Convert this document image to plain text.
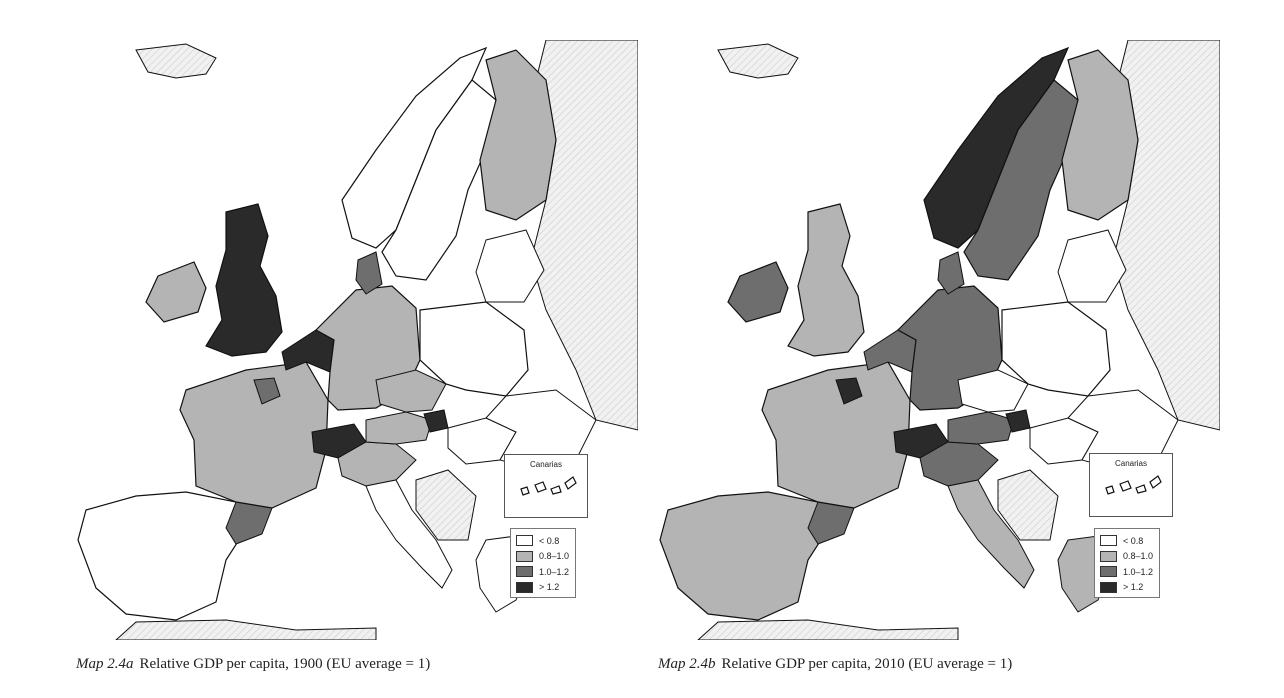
Canarias
< 0.8
0.8–1.0
1.0–1.2
> 1.2
Canarias
< 0.8
0.8–1.0
1.0–1.2
> 1.2
Map 2.4a Relative GDP per capita, 1900 (EU average = 1)	Map 2.4b Relative GDP per capita, 2010 (EU average = 1)
